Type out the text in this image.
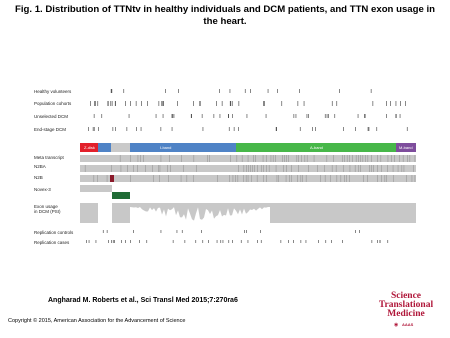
Fig. 1. Distribution of TTNtv in healthy individuals and DCM patients, and TTN exon usage in the heart.
Healthy volunteers
Population cohorts
Unselected DCM
End-stage DCM
Meta transcript
N2BA
N2B
Novex-3
Exon usage
in DCM (PSI)
Replication controls
Replication cases
Z-disk	I-band	A-band	M-band
Angharad M. Roberts et al., Sci Transl Med 2015;7:270ra6
Copyright © 2015, American Association for the Advancement of Science
Science
Translational
Medicine
◉ AAAS
